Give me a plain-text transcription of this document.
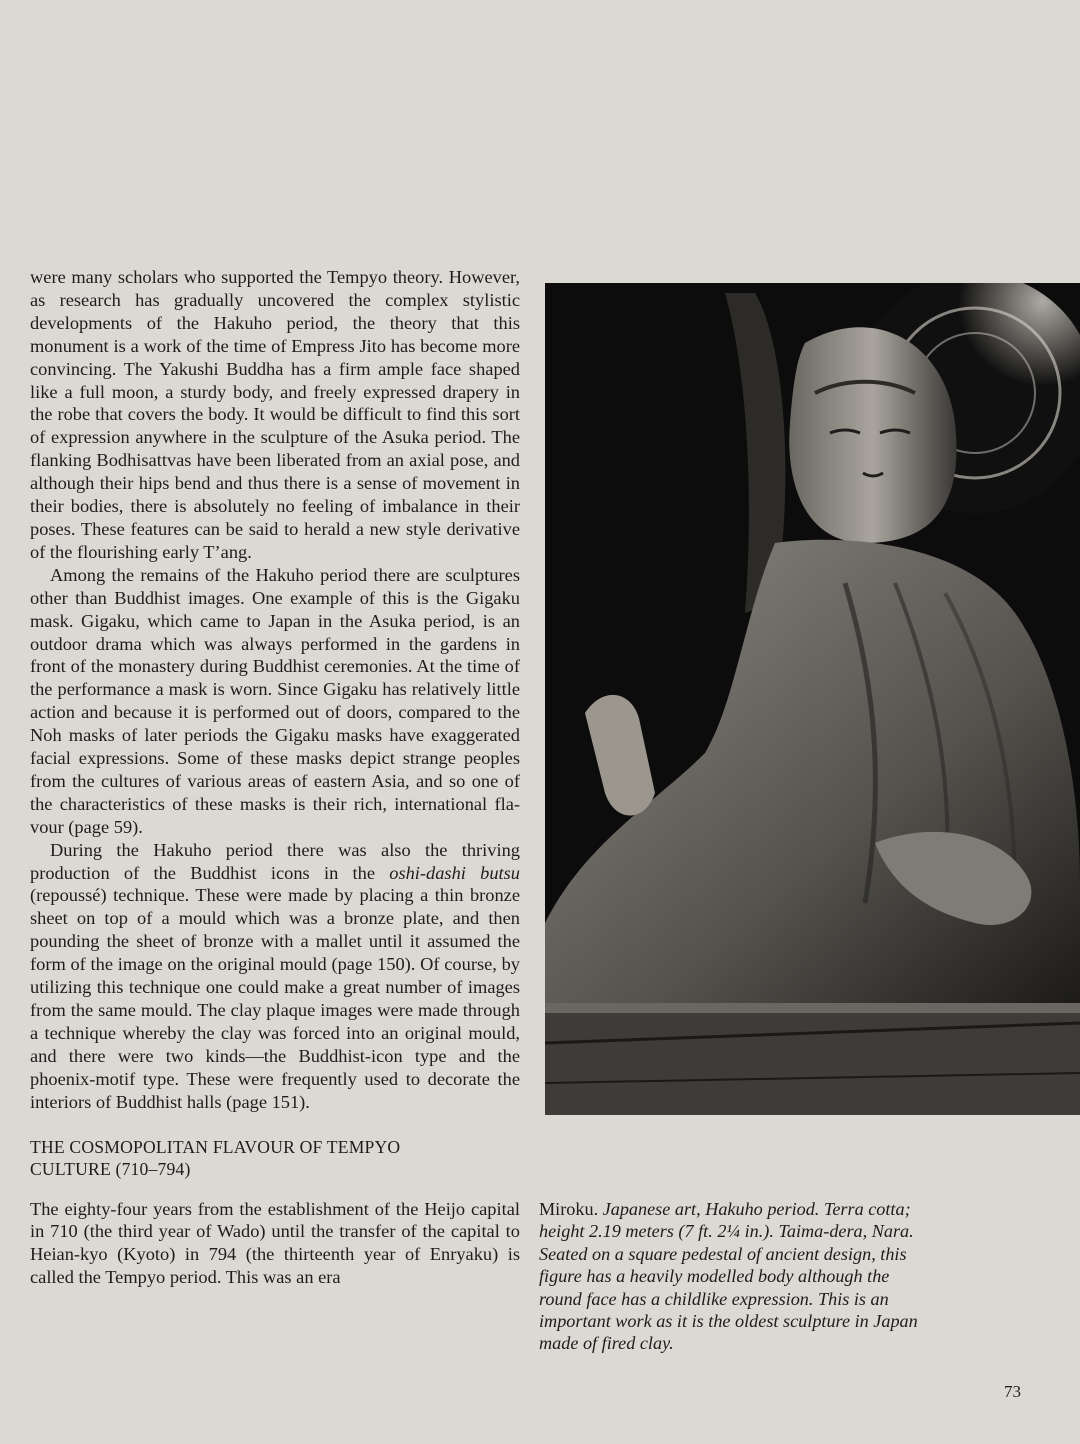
were many scholars who supported the Tempyo theory. However, as research has gradually uncovered the complex stylistic developments of the Hakuho period, the theory that this monument is a work of the time of Empress Jito has become more convincing. The Yakushi Buddha has a firm ample face shaped like a full moon, a sturdy body, and freely expressed drapery in the robe that covers the body. It would be difficult to find this sort of expression anywhere in the sculpture of the Asuka period. The flanking Bodhisattvas have been liberated from an axial pose, and although their hips bend and thus there is a sense of movement in their bodies, there is absolutely no feeling of imbalance in their poses. These features can be said to herald a new style derivative of the flourishing early T’ang.

Among the remains of the Hakuho period there are sculptures other than Buddhist images. One example of this is the Gigaku mask. Gigaku, which came to Japan in the Asuka period, is an outdoor drama which was always performed in the gardens in front of the monastery during Buddhist ceremonies. At the time of the performance a mask is worn. Since Gigaku has relatively little action and because it is performed out of doors, compared to the Noh masks of later periods the Gigaku masks have exaggerated facial expressions. Some of these masks depict strange peoples from the cultures of various areas of eastern Asia, and so one of the characteristics of these masks is their rich, international flavour (page 59).

During the Hakuho period there was also the thriving production of the Buddhist icons in the oshi-dashi butsu (repoussé) technique. These were made by placing a thin bronze sheet on top of a mould which was a bronze plate, and then pounding the sheet of bronze with a mallet until it assumed the form of the image on the original mould (page 150). Of course, by utilizing this technique one could make a great number of images from the same mould. The clay plaque images were made through a technique whereby the clay was forced into an original mould, and there were two kinds—the Buddhist-icon type and the phoenix-motif type. These were frequently used to decorate the interiors of Buddhist halls (page 151).

THE COSMOPOLITAN FLAVOUR OF TEMPYO
CULTURE (710–794)

The eighty-four years from the establishment of the Heijo capital in 710 (the third year of Wado) until the transfer of the capital to Heian-kyo (Kyoto) in 794 (the thirteenth year of Enryaku) is called the Tempyo period. This was an era

Miroku. Japanese art, Hakuho period. Terra cotta; height 2.19 meters (7 ft. 2¼ in.). Taima-dera, Nara. Seated on a square pedestal of ancient design, this figure has a heavily modelled body although the round face has a childlike expression. This is an important work as it is the oldest sculpture in Japan made of fired clay.
73
